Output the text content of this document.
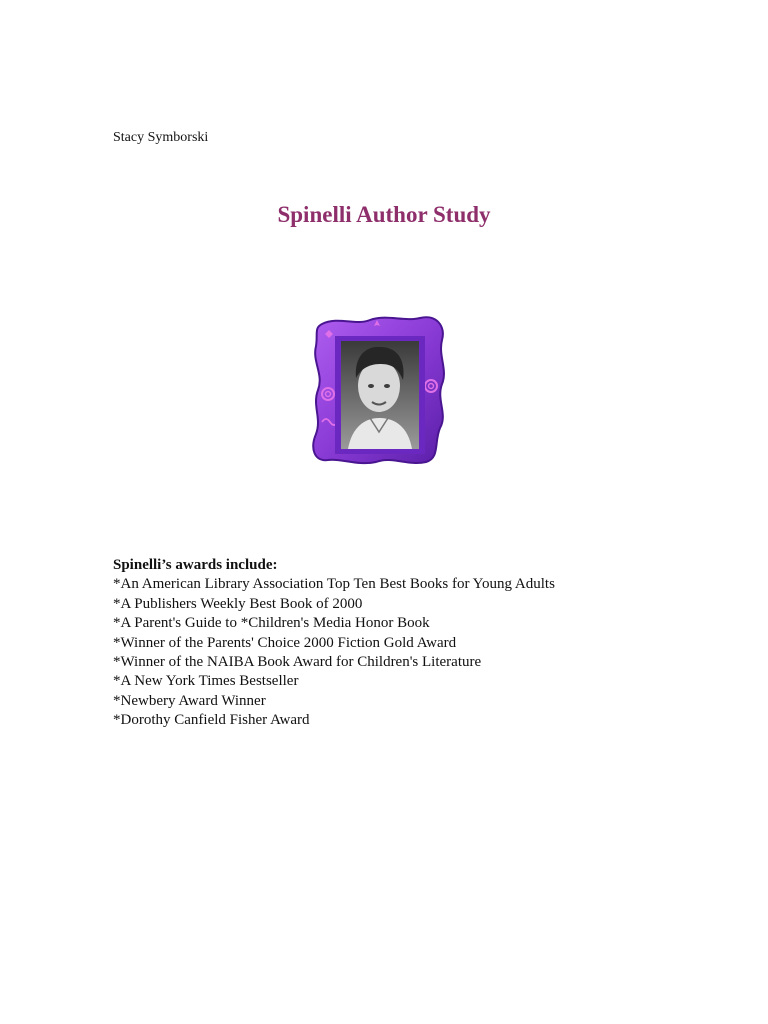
Stacy Symborski
Spinelli Author Study
Spinelli’s awards include:
*An American Library Association Top Ten Best Books for Young Adults
*A Publishers Weekly Best Book of 2000
*A Parent's Guide to *Children's Media Honor Book
*Winner of the Parents' Choice 2000 Fiction Gold Award
*Winner of the NAIBA Book Award for Children's Literature
*A New York Times Bestseller
*Newbery Award Winner
*Dorothy Canfield Fisher Award
